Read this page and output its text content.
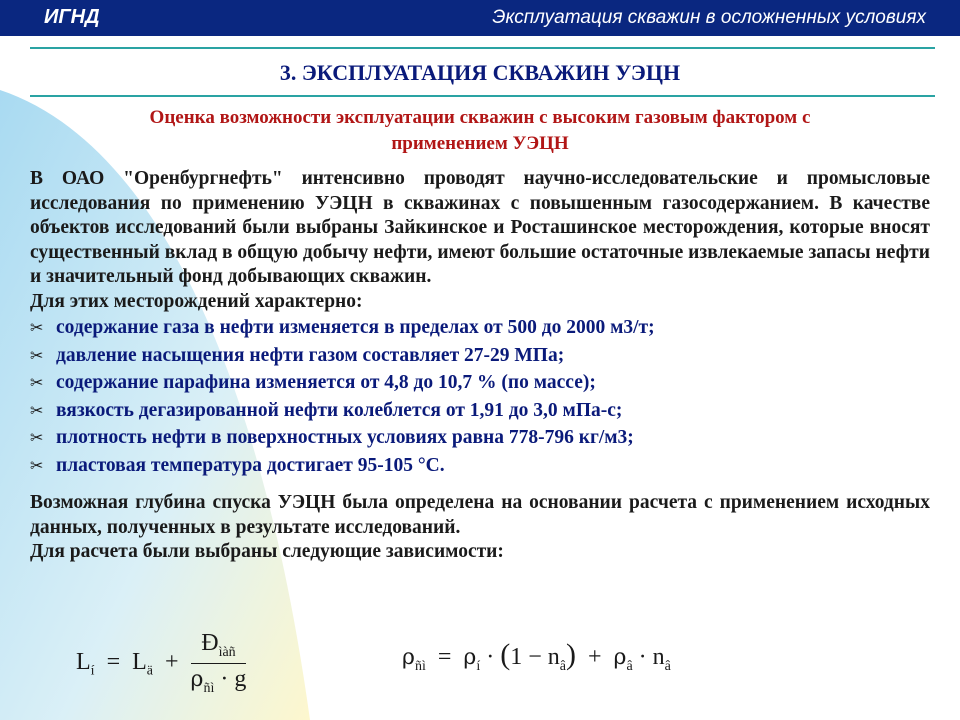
ИГНД	Эксплуатация скважин в осложненных условиях
3. ЭКСПЛУАТАЦИЯ СКВАЖИН УЭЦН
Оценка возможности эксплуатации скважин с высоким газовым фактором с
применением УЭЦН

В ОАО "Оренбургнефть" интенсивно проводят научно-исследовательские и промысловые исследования по применению УЭЦН в скважинах с повышенным газосодержанием. В качестве объектов исследований были выбраны Зайкинское и Росташинское месторождения, которые вносят существенный вклад в общую добычу нефти, имеют большие остаточные извлекаемые запасы нефти и значительный фонд добывающих скважин.

Для этих месторождений характерно:

✂ содержание газа в нефти изменяется в пределах от 500 до 2000 м3/т;
✂ давление насыщения нефти газом составляет 27-29 МПа;
✂ содержание парафина изменяется от 4,8 до 10,7 % (по массе);
✂ вязкость дегазированной нефти колеблется от 1,91 до 3,0 мПа-с;
✂ плотность нефти в поверхностных условиях равна 778-796 кг/м3;
✂ пластовая температура достигает 95-105 °С.

Возможная глубина спуска УЭЦН была определена на основании расчета с применением исходных данных, полученных в результате исследований.

Для расчета были выбраны следующие зависимости:

$L_í = L_ä + \frac{Ð_{ìàñ}}{\rho_{ñì} \cdot g}$	$\rho_{ñì} = \rho_í \cdot (1 - n_â) + \rho_â \cdot n_â$
